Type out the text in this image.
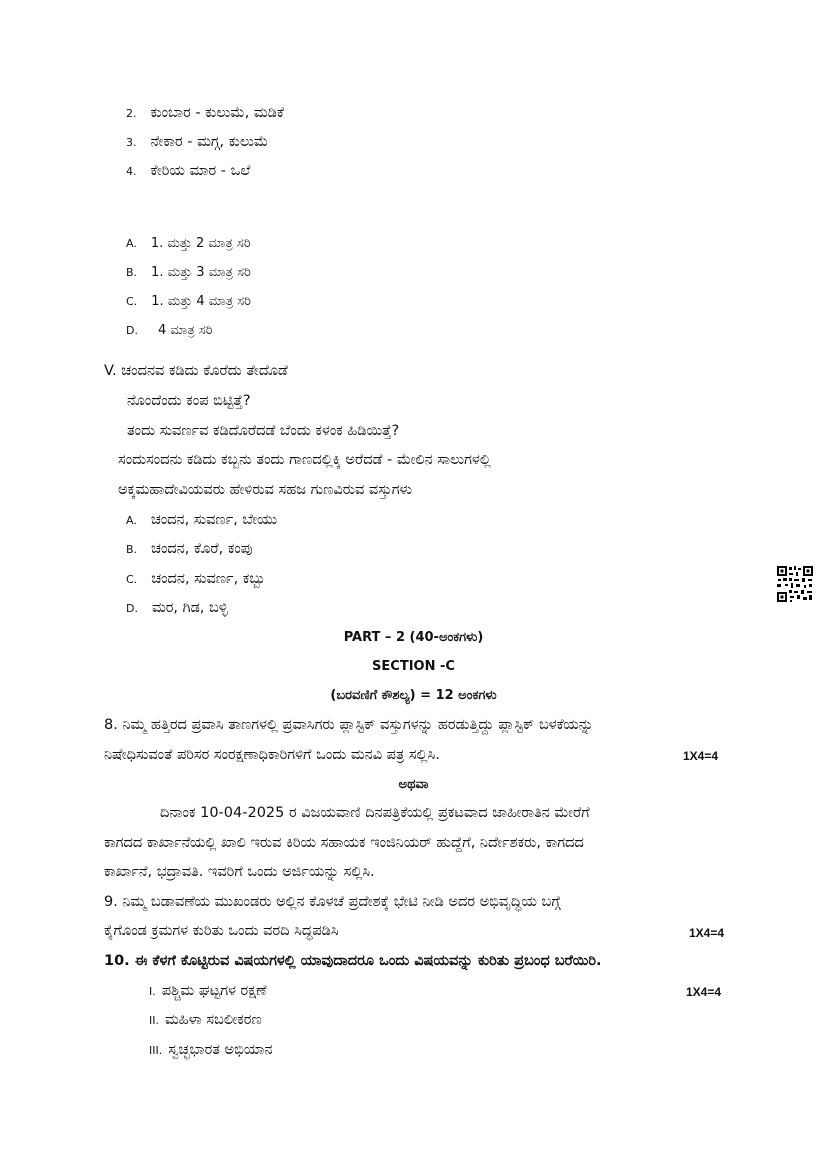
2. ಕುಂಬಾರ - ಕುಲುಮೆ, ಮಡಿಕೆ
3. ನೇಕಾರ - ಮಗ್ಗ, ಕುಲುಮೆ
4. ಕೇರಿಯ ಮಾರ - ಒಲೆ
A. 1. ಮತ್ತು 2 ಮಾತ್ರ ಸರಿ
B. 1. ಮತ್ತು 3 ಮಾತ್ರ ಸರಿ
C. 1. ಮತ್ತು 4 ಮಾತ್ರ ಸರಿ
D. 4 ಮಾತ್ರ ಸರಿ
V. ಚಂದನವ ಕಡಿದು ಕೊರೆದು ತೇದೊಡೆ
ನೊಂದೆಂದು ಕಂಪ ಬಿಟ್ಟಿತ್ತೆ?
ತಂದು ಸುವರ್ಣವ ಕಡಿದೊರೆದಡೆ ಬೆಂದು ಕಳಂಕ ಹಿಡಿಯಿತ್ತೆ?
ಸಂದುಸಂದನು ಕಡಿದು ಕಬ್ಬನು ತಂದು ಗಾಣದಲ್ಲಿಕ್ಕಿ ಅರೆದಡೆ - ಮೇಲಿನ ಸಾಲುಗಳಲ್ಲಿ
ಅಕ್ಕಮಹಾದೇವಿಯವರು ಹೇಳಿರುವ ಸಹಜ ಗುಣವಿರುವ ವಸ್ತುಗಳು
A. ಚಂದನ, ಸುವರ್ಣ, ಬೇಯು
B. ಚಂದನ, ಕೊರೆ, ಕಂಪು
C. ಚಂದನ, ಸುವರ್ಣ, ಕಬ್ಬು
D. ಮರ, ಗಿಡ, ಬಳ್ಳಿ
PART – 2 (40-ಅಂಕಗಳು)
SECTION -C
(ಬರವಣಿಗೆ ಕೌಶಲ್ಯ) = 12 ಅಂಕಗಳು
8. ನಿಮ್ಮ ಹತ್ತಿರದ ಪ್ರವಾಸಿ ತಾಣಗಳಲ್ಲಿ ಪ್ರವಾಸಿಗರು ಪ್ಲಾಸ್ಟಿಕ್ ವಸ್ತುಗಳನ್ನು ಹರಡುತ್ತಿದ್ದು ಪ್ಲಾಸ್ಟಿಕ್ ಬಳಕೆಯನ್ನು
ನಿಷೇಧಿಸುವಂತೆ ಪರಿಸರ ಸಂರಕ್ಷಣಾಧಿಕಾರಿಗಳಿಗೆ ಒಂದು ಮನವಿ ಪತ್ರ ಸಲ್ಲಿಸಿ.	1X4=4
ಅಥವಾ
ದಿನಾಂಕ 10-04-2025 ರ ವಿಜಯವಾಣಿ ದಿನಪತ್ರಿಕೆಯಲ್ಲಿ ಪ್ರಕಟವಾದ ಜಾಹೀರಾತಿನ ಮೇರೆಗೆ
ಕಾಗದದ ಕಾರ್ಖಾನೆಯಲ್ಲಿ ಖಾಲಿ ಇರುವ ಕಿರಿಯ ಸಹಾಯಕ ಇಂಜಿನಿಯರ್ ಹುದ್ದೆಗೆ, ನಿರ್ದೇಶಕರು, ಕಾಗದದ
ಕಾರ್ಖಾನೆ, ಭದ್ರಾವತಿ. ಇವರಿಗೆ ಒಂದು ಅರ್ಜಿಯನ್ನು ಸಲ್ಲಿಸಿ.
9. ನಿಮ್ಮ ಬಡಾವಣೆಯ ಮುಖಂಡರು ಅಲ್ಲಿನ ಕೊಳಚೆ ಪ್ರದೇಶಕ್ಕೆ ಭೇಟಿ ನೀಡಿ ಅದರ ಅಭಿವೃದ್ಧಿಯ ಬಗ್ಗೆ
ಕೈಗೊಂಡ ಕ್ರಮಗಳ ಕುರಿತು ಒಂದು ವರದಿ ಸಿದ್ಧಪಡಿಸಿ	1X4=4
10. ಈ ಕೆಳಗೆ ಕೊಟ್ಟಿರುವ ವಿಷಯಗಳಲ್ಲಿ ಯಾವುದಾದರೂ ಒಂದು ವಿಷಯವನ್ನು ಕುರಿತು ಪ್ರಬಂಧ ಬರೆಯಿರಿ.
I. ಪಶ್ಚಿಮ ಘಟ್ಟಗಳ ರಕ್ಷಣೆ	1X4=4
II. ಮಹಿಳಾ ಸಬಲೀಕರಣ
III. ಸ್ವಚ್ಛಭಾರತ ಅಭಿಯಾನ
